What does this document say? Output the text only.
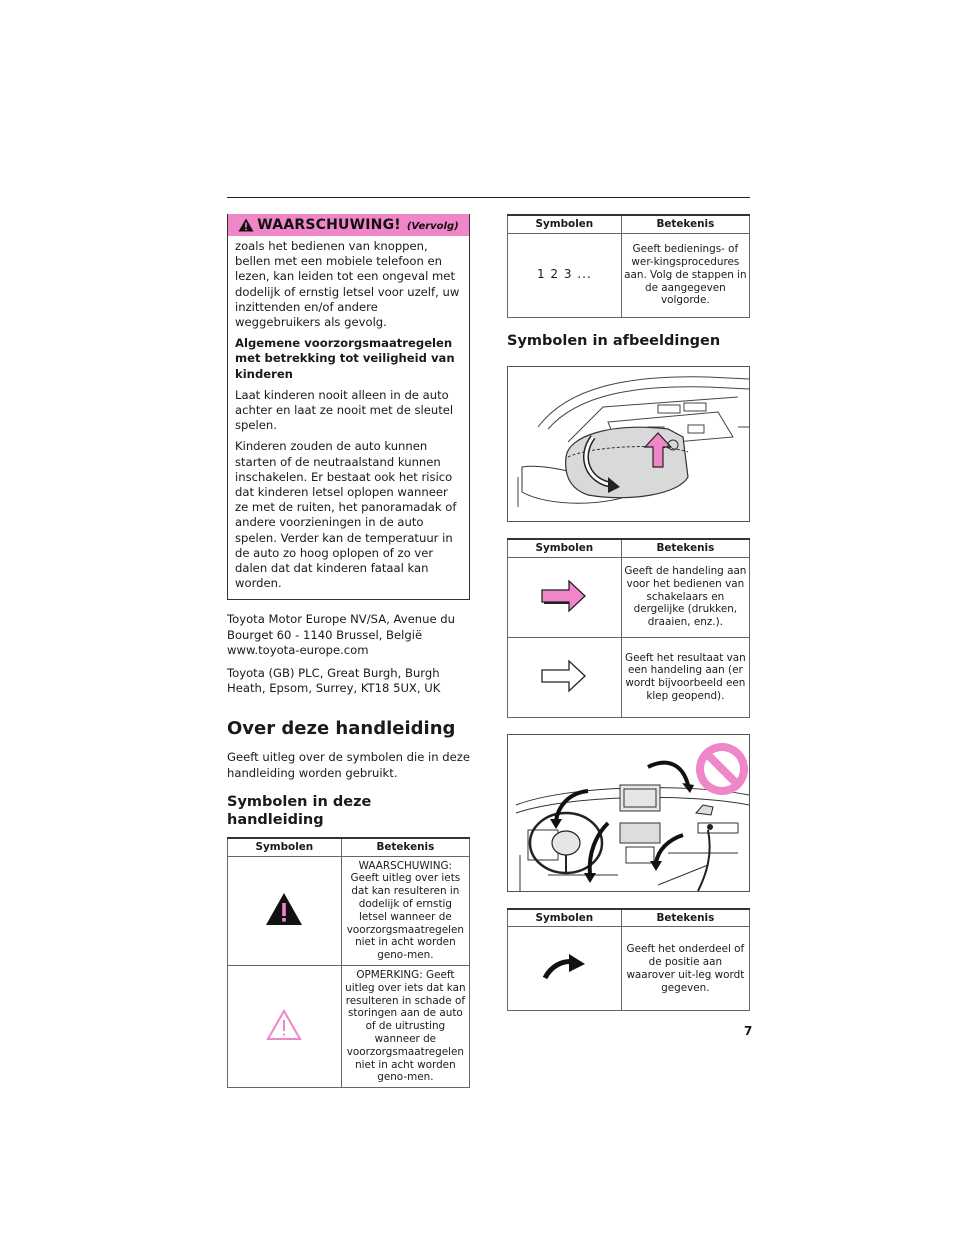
WAARSCHUWING! (Vervolg)

zoals het bedienen van knoppen, bellen met een mobiele telefoon en lezen, kan leiden tot een ongeval met dodelijk of ernstig letsel voor uzelf, uw inzittenden en/of andere weggebruikers als gevolg.

Algemene voorzorgsmaatregelen met betrekking tot veiligheid van kinderen

Laat kinderen nooit alleen in de auto achter en laat ze nooit met de sleutel spelen.

Kinderen zouden de auto kunnen starten of de neutraalstand kunnen inschakelen. Er bestaat ook het risico dat kinderen letsel oplopen wanneer ze met de ruiten, het panoramadak of andere voorzieningen in de auto spelen. Verder kan de temperatuur in de auto zo hoog oplopen of zo ver dalen dat dat kinderen fataal kan worden.

Toyota Motor Europe NV/SA, Avenue du Bourget 60 - 1140 Brussel, België www.toyota-europe.com

Toyota (GB) PLC, Great Burgh, Burgh Heath, Epsom, Surrey, KT18 5UX, UK

Over deze handleiding

Geeft uitleg over de symbolen die in deze handleiding worden gebruikt.

Symbolen in deze handleiding
Symbolen	Betekenis
	WAARSCHUWING: Geeft uitleg over iets dat kan resulteren in dodelijk of ernstig letsel wanneer de voorzorgsmaatregelen niet in acht worden geno-men.
	OPMERKING: Geeft uitleg over iets dat kan resulteren in schade of storingen aan de auto of de uitrusting wanneer de voorzorgsmaatregelen niet in acht worden geno-men.
Symbolen	Betekenis
1 2 3 ...	Geeft bedienings- of wer-kingsprocedures aan. Volg de stappen in de aangegeven volgorde.
Symbolen in afbeeldingen
Symbolen	Betekenis
	Geeft de handeling aan voor het bedienen van schakelaars en dergelijke (drukken, draaien, enz.).
	Geeft het resultaat van een handeling aan (er wordt bijvoorbeeld een klep geopend).
Symbolen	Betekenis
	Geeft het onderdeel of de positie aan waarover uit-leg wordt gegeven.
7
